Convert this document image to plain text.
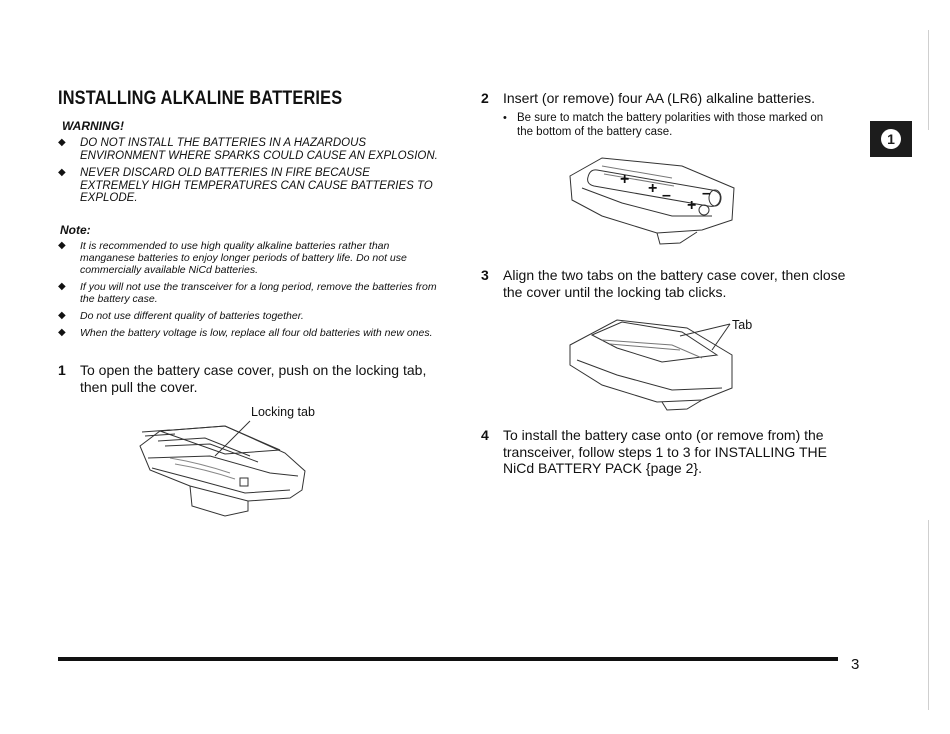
INSTALLING ALKALINE BATTERIES
WARNING!
◆ DO NOT INSTALL THE BATTERIES IN A HAZARDOUS ENVIRONMENT WHERE SPARKS COULD CAUSE AN EXPLOSION.
◆ NEVER DISCARD OLD BATTERIES IN FIRE BECAUSE EXTREMELY HIGH TEMPERATURES CAN CAUSE BATTERIES TO EXPLODE.
Note:
◆ It is recommended to use high quality alkaline batteries rather than manganese batteries to enjoy longer periods of battery life. Do not use commercially available NiCd batteries.
◆ If you will not use the transceiver for a long period, remove the batteries from the battery case.
◆ Do not use different quality of batteries together.
◆ When the battery voltage is low, replace all four old batteries with new ones.
1	To open the battery case cover, push on the locking tab, then pull the cover.
Locking tab
2	Insert (or remove) four AA (LR6) alkaline batteries.
• Be sure to match the battery polarities with those marked on the bottom of the battery case.
+
+
+
–
–
3	Align the two tabs on the battery case cover, then close the cover until the locking tab clicks.
Tab
4	To install the battery case onto (or remove from) the transceiver, follow steps 1 to 3 for INSTALLING THE NiCd BATTERY PACK {page 2}.
1
3
